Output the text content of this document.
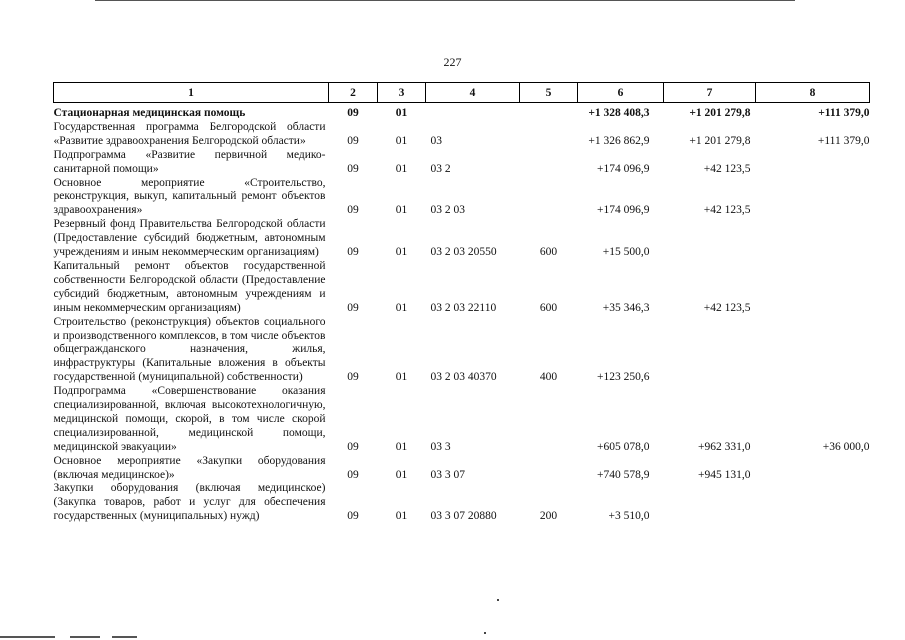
227
1	2	3	4	5	6	7	8
Стационарная медицинская помощь	09	01			+1 328 408,3	+1 201 279,8	+111 379,0
Государственная программа Белгородской области «Развитие здравоохранения Белгородской области»	09	01	03		+1 326 862,9	+1 201 279,8	+111 379,0
Подпрограмма «Развитие первичной медико-санитарной помощи»	09	01	03 2		+174 096,9	+42 123,5	
Основное мероприятие «Строительство, реконструкция, выкуп, капитальный ремонт объектов здравоохранения»	09	01	03 2 03		+174 096,9	+42 123,5	
Резервный фонд Правительства Белгородской области (Предоставление субсидий бюджетным, автономным учреждениям и иным некоммерческим организациям)	09	01	03 2 03 20550	600	+15 500,0		
Капитальный ремонт объектов государственной собственности Белгородской области (Предоставление субсидий бюджетным, автономным учреждениям и иным некоммерческим организациям)	09	01	03 2 03 22110	600	+35 346,3	+42 123,5	
Строительство (реконструкция) объектов социального и производственного комплексов, в том числе объектов общегражданского назначения, жилья, инфраструктуры (Капитальные вложения в объекты государственной (муниципальной) собственности)	09	01	03 2 03 40370	400	+123 250,6		
Подпрограмма «Совершенствование оказания специализированной, включая высокотехнологичную, медицинской помощи, скорой, в том числе скорой специализированной, медицинской помощи, медицинской эвакуации»	09	01	03 3		+605 078,0	+962 331,0	+36 000,0
Основное мероприятие «Закупки оборудования (включая медицинское)»	09	01	03 3 07		+740 578,9	+945 131,0	
Закупки оборудования (включая медицинское) (Закупка товаров, работ и услуг для обеспечения государственных (муниципальных) нужд)	09	01	03 3 07 20880	200	+3 510,0		
